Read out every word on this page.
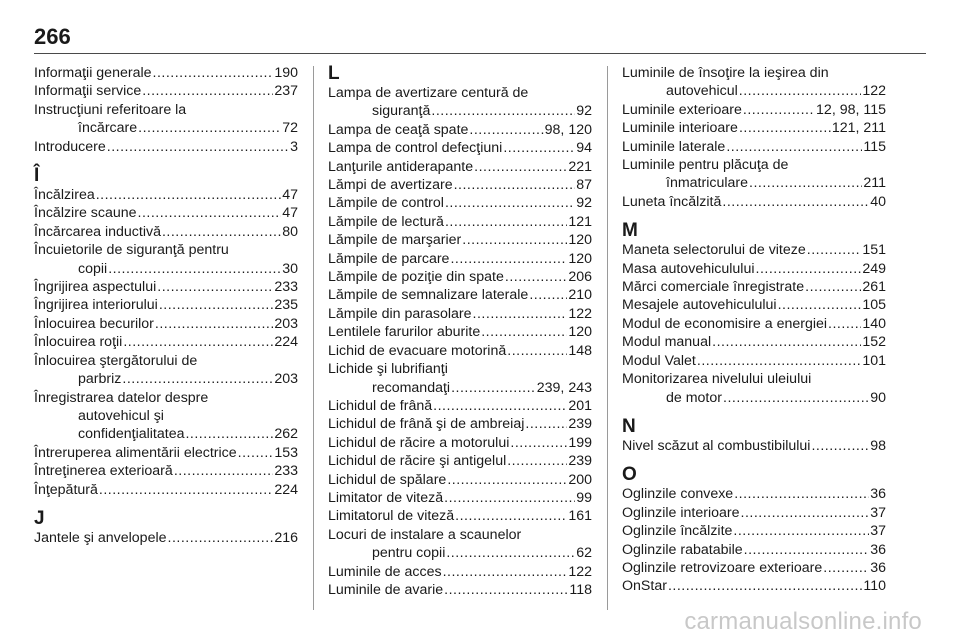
266
Informaţii generale .....	190
Informaţii service .....	237
Instrucţiuni referitoare la
încărcare .....	72
Introducere .....	3
Î
Încălzirea .....	47
Încălzire scaune .....	47
Încărcarea inductivă .....	80
Încuietorile de siguranţă pentru
copii .....	30
Îngrijirea aspectului .....	233
Îngrijirea interiorului .....	235
Înlocuirea becurilor .....	203
Înlocuirea roţii .....	224
Înlocuirea ştergătorului de
parbriz .....	203
Înregistrarea datelor despre
autovehicul şi
confidenţialitatea .....	262
Întreruperea alimentării electrice .....	153
Întreţinerea exterioară .....	233
Înţepătură .....	224
J
Jantele şi anvelopele .....	216
L
Lampa de avertizare centură de
siguranţă .....	92
Lampa de ceaţă spate .....	98, 120
Lampa de control defecţiuni .....	94
Lanţurile antiderapante .....	221
Lămpi de avertizare .....	87
Lămpile de control .....	92
Lămpile de lectură .....	121
Lămpile de marşarier .....	120
Lămpile de parcare .....	120
Lămpile de poziţie din spate .....	206
Lămpile de semnalizare laterale .....	210
Lămpile din parasolare .....	122
Lentilele farurilor aburite .....	120
Lichid de evacuare motorină .....	148
Lichide şi lubrifianţi
recomandaţi .....	239, 243
Lichidul de frână .....	201
Lichidul de frână şi de ambreiaj .....	239
Lichidul de răcire a motorului .....	199
Lichidul de răcire şi antigelul .....	239
Lichidul de spălare .....	200
Limitator de viteză .....	99
Limitatorul de viteză .....	161
Locuri de instalare a scaunelor
pentru copii .....	62
Luminile de acces .....	122
Luminile de avarie .....	118
Luminile de însoţire la ieşirea din
autovehicul .....	122
Luminile exterioare .....	12, 98, 115
Luminile interioare .....	121, 211
Luminile laterale .....	115
Luminile pentru plăcuţa de
înmatriculare .....	211
Luneta încălzită .....	40
M
Maneta selectorului de viteze .....	151
Masa autovehiculului .....	249
Mărci comerciale înregistrate .....	261
Mesajele autovehiculului .....	105
Modul de economisire a energiei ..... 140
Modul manual .....	152
Modul Valet .....	101
Monitorizarea nivelului uleiului
de motor .....	90
N
Nivel scăzut al combustibilului .....	98
O
Oglinzile convexe .....	36
Oglinzile interioare .....	37
Oglinzile încălzite .....	37
Oglinzile rabatabile .....	36
Oglinzile retrovizoare exterioare .....	36
OnStar .....	110
carmanualsonline.info
